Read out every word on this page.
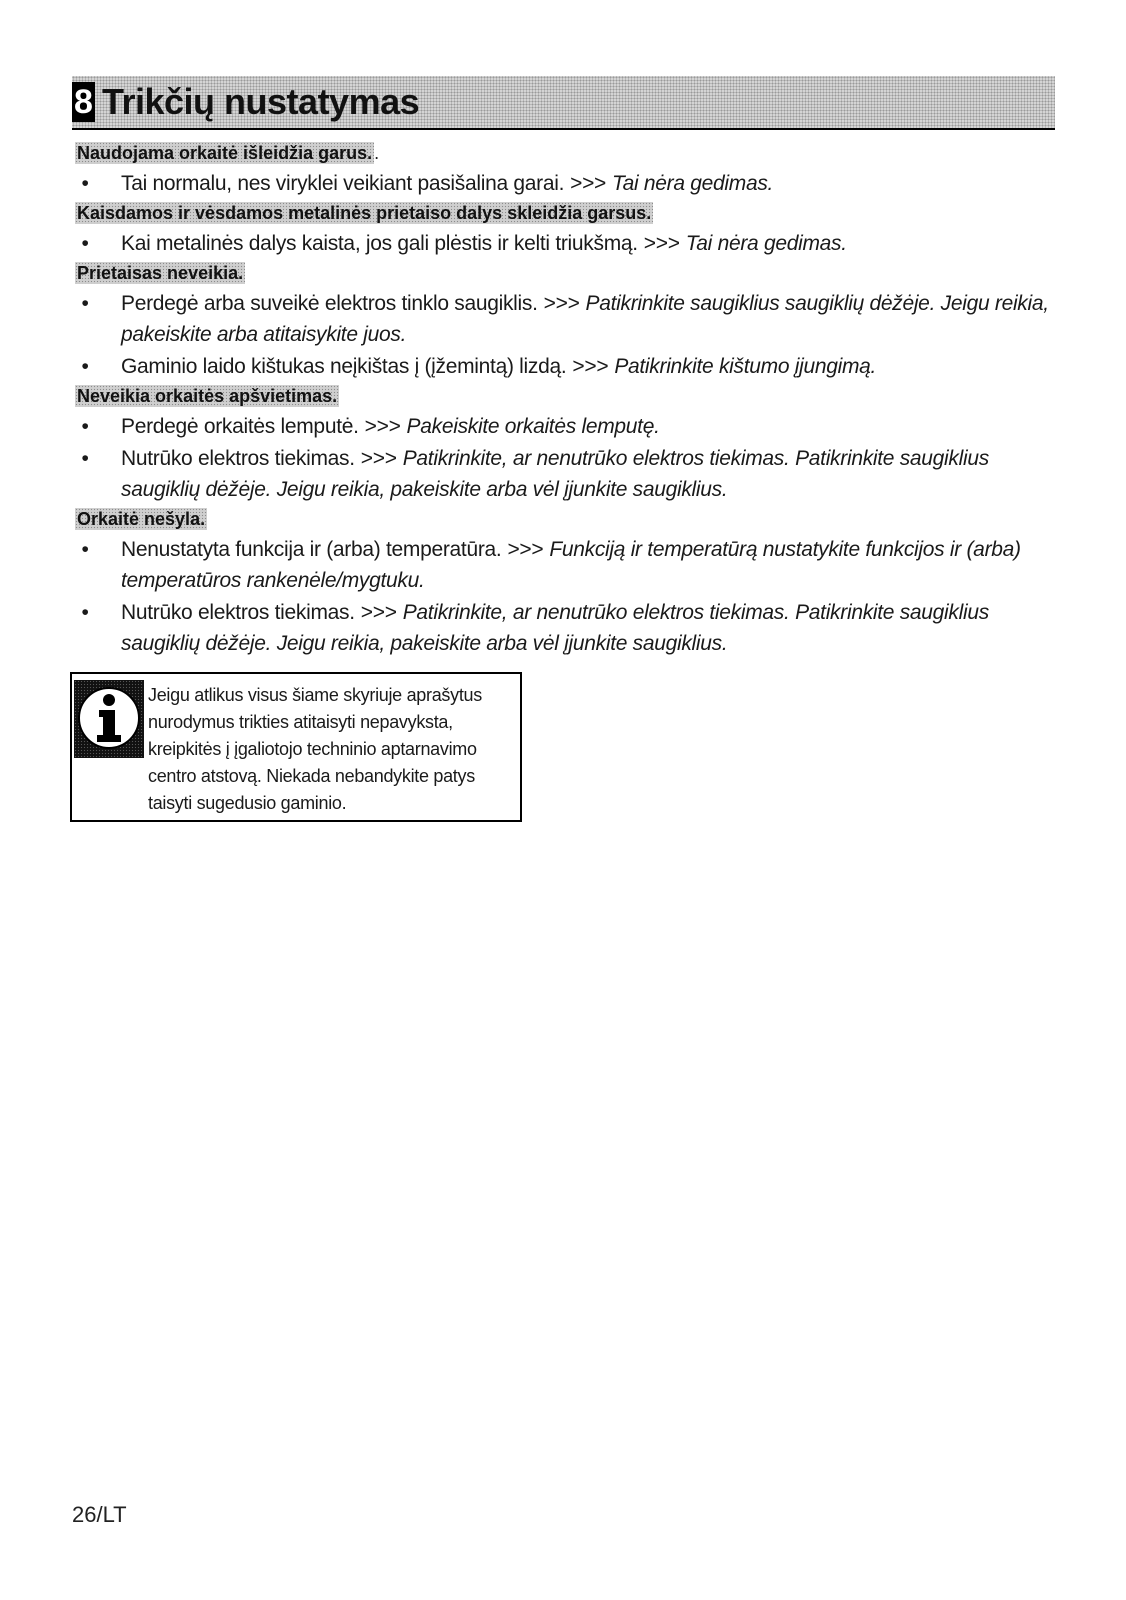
8 Trikčių nustatymas
Naudojama orkaitė išleidžia garus. .
•	Tai normalu, nes viryklei veikiant pasišalina garai. >>> Tai nėra gedimas.
Kaisdamos ir vėsdamos metalinės prietaiso dalys skleidžia garsus.
•	Kai metalinės dalys kaista, jos gali plėstis ir kelti triukšmą. >>> Tai nėra gedimas.
Prietaisas neveikia.
•	Perdegė arba suveikė elektros tinklo saugiklis. >>> Patikrinkite saugiklius saugiklių dėžėje. Jeigu reikia, pakeiskite arba atitaisykite juos.
•	Gaminio laido kištukas neįkištas į (įžemintą) lizdą. >>> Patikrinkite kištumo įjungimą.
Neveikia orkaitės apšvietimas.
•	Perdegė orkaitės lemputė. >>> Pakeiskite orkaitės lemputę.
•	Nutrūko elektros tiekimas. >>> Patikrinkite, ar nenutrūko elektros tiekimas. Patikrinkite saugiklius saugiklių dėžėje. Jeigu reikia, pakeiskite arba vėl įjunkite saugiklius.
Orkaitė nešyla.
•	Nenustatyta funkcija ir (arba) temperatūra. >>> Funkciją ir temperatūrą nustatykite funkcijos ir (arba) temperatūros rankenėle/mygtuku.
•	Nutrūko elektros tiekimas. >>> Patikrinkite, ar nenutrūko elektros tiekimas. Patikrinkite saugiklius saugiklių dėžėje. Jeigu reikia, pakeiskite arba vėl įjunkite saugiklius.
Jeigu atlikus visus šiame skyriuje aprašytus
nurodymus trikties atitaisyti nepavyksta,
kreipkitės į įgaliotojo techninio aptarnavimo
centro atstovą. Niekada nebandykite patys
taisyti sugedusio gaminio.
26/LT
